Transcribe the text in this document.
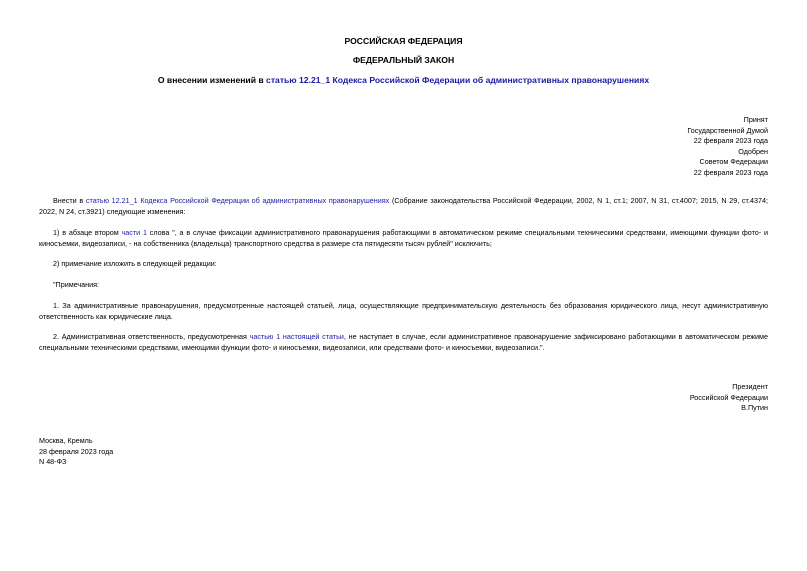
РОССИЙСКАЯ ФЕДЕРАЦИЯ
ФЕДЕРАЛЬНЫЙ ЗАКОН
О внесении изменений в статью 12.21_1 Кодекса Российской Федерации об административных правонарушениях
Принят
Государственной Думой
22 февраля 2023 года
Одобрен
Советом Федерации
22 февраля 2023 года

Внести в статью 12.21_1 Кодекса Российской Федерации об административных правонарушениях (Собрание законодательства Российской Федерации, 2002, N 1, ст.1; 2007, N 31, ст.4007; 2015, N 29, ст.4374; 2022, N 24, ст.3921) следующие изменения:

1) в абзаце втором части 1 слова ", а в случае фиксации административного правонарушения работающими в автоматическом режиме специальными техническими средствами, имеющими функции фото- и киносъемки, видеозаписи, - на собственника (владельца) транспортного средства в размере ста пятидесяти тысяч рублей" исключить;

2) примечание изложить в следующей редакции:

"Примечания:

1. За административные правонарушения, предусмотренные настоящей статьей, лица, осуществляющие предпринимательскую деятельность без образования юридического лица, несут административную ответственность как юридические лица.

2. Административная ответственность, предусмотренная частью 1 настоящей статьи, не наступает в случае, если административное правонарушение зафиксировано работающими в автоматическом режиме специальными техническими средствами, имеющими функции фото- и киносъемки, видеозаписи, или средствами фото- и киносъемки, видеозаписи.".

Президент
Российской Федерации
В.Путин
Москва, Кремль
28 февраля 2023 года
N 48-ФЗ
